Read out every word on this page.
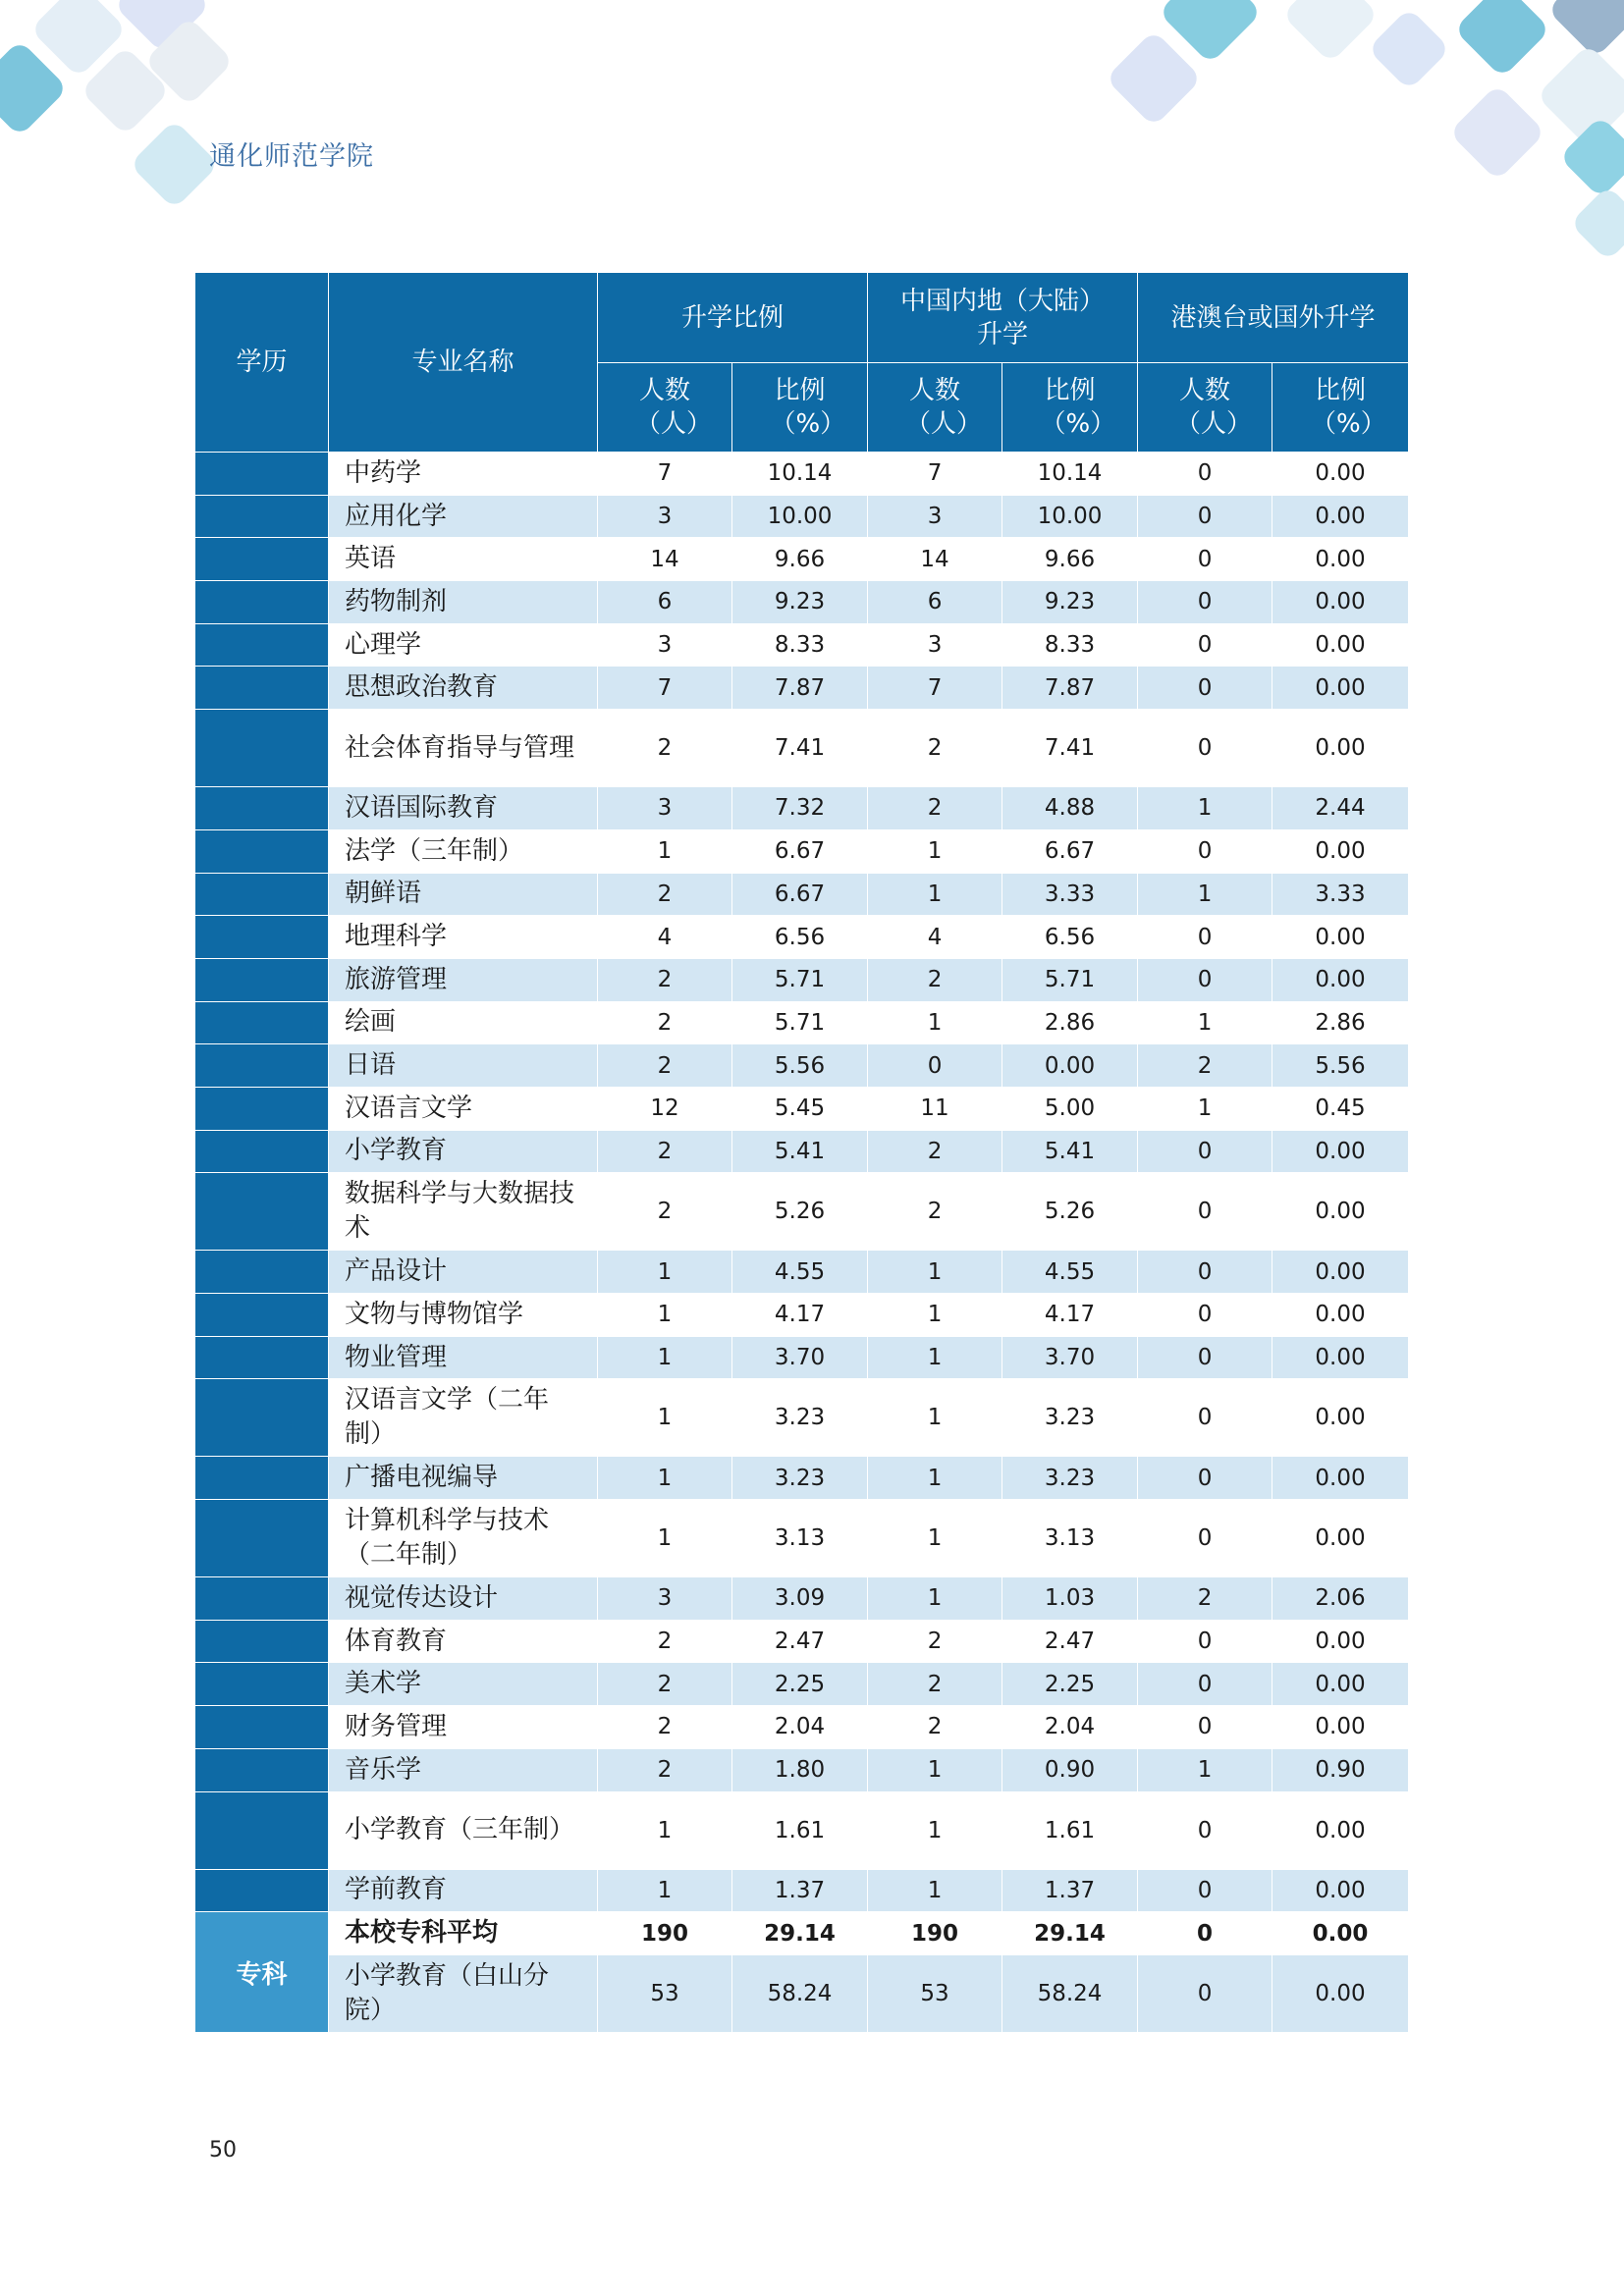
通化师范学院
学历	专业名称	升学比例		中国内地（大陆）升学		港澳台或国外升学	

		人数（人）	比例（%）	人数（人）	比例（%）	人数（人）	比例（%）

	中药学	7	10.14	7	10.14	0	0.00

	应用化学	3	10.00	3	10.00	0	0.00

	英语	14	9.66	14	9.66	0	0.00

	药物制剂	6	9.23	6	9.23	0	0.00

	心理学	3	8.33	3	8.33	0	0.00

	思想政治教育	7	7.87	7	7.87	0	0.00

	社会体育指导与管理	2	7.41	2	7.41	0	0.00

	汉语国际教育	3	7.32	2	4.88	1	2.44

	法学（三年制）	1	6.67	1	6.67	0	0.00

	朝鲜语	2	6.67	1	3.33	1	3.33

	地理科学	4	6.56	4	6.56	0	0.00

	旅游管理	2	5.71	2	5.71	0	0.00

	绘画	2	5.71	1	2.86	1	2.86

	日语	2	5.56	0	0.00	2	5.56

	汉语言文学	12	5.45	11	5.00	1	0.45

	小学教育	2	5.41	2	5.41	0	0.00

	数据科学与大数据技术	2	5.26	2	5.26	0	0.00

	产品设计	1	4.55	1	4.55	0	0.00

	文物与博物馆学	1	4.17	1	4.17	0	0.00

	物业管理	1	3.70	1	3.70	0	0.00

	汉语言文学（二年制）	1	3.23	1	3.23	0	0.00

	广播电视编导	1	3.23	1	3.23	0	0.00

	计算机科学与技术（二年制）	1	3.13	1	3.13	0	0.00

	视觉传达设计	3	3.09	1	1.03	2	2.06

	体育教育	2	2.47	2	2.47	0	0.00

	美术学	2	2.25	2	2.25	0	0.00

	财务管理	2	2.04	2	2.04	0	0.00

	音乐学	2	1.80	1	0.90	1	0.90

	小学教育（三年制）	1	1.61	1	1.61	0	0.00

	学前教育	1	1.37	1	1.37	0	0.00
专科	本校专科平均	190	29.14	190	29.14	0	0.00

	小学教育（白山分院）	53	58.24	53	58.24	0	0.00
50
